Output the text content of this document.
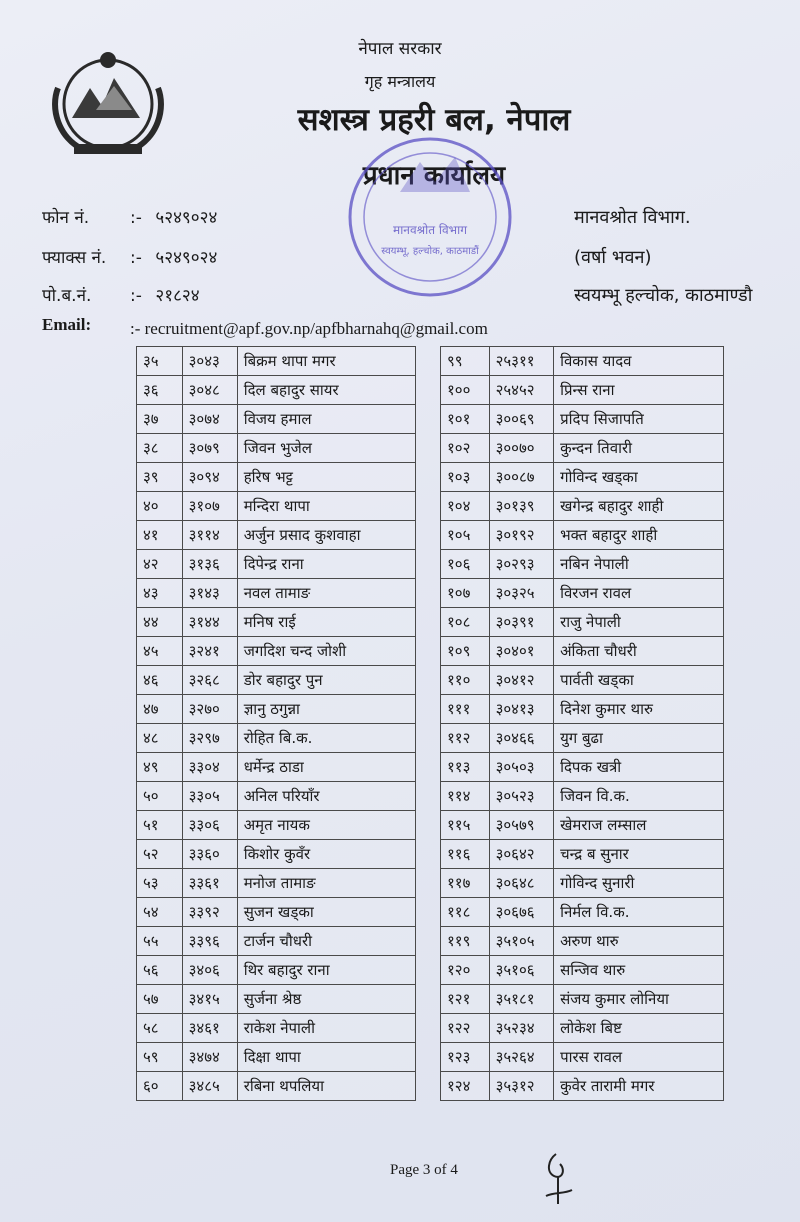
नेपाल सरकार
गृह मन्त्रालय
सशस्त्र प्रहरी बल, नेपाल
प्रधान कार्यालय
मानवश्रोत विभाग
स्वयम्भू, हल्चोक, काठमाडौं
फोन नं. :- ५२४९०२४
फ्याक्स नं. :- ५२४९०२४
पो.ब.नं. :- २१८२४
Email: :- recruitment@apf.gov.np/apfbharnahq@gmail.com
मानवश्रोत विभाग.
(वर्षा भवन)
स्वयम्भू हल्चोक, काठमाण्डौ
३५	३०४३	बिक्रम थापा मगर
३६	३०४८	दिल बहादुर सायर
३७	३०७४	विजय हमाल
३८	३०७९	जिवन भुजेल
३९	३०९४	हरिष भट्ट
४०	३१०७	मन्दिरा थापा
४१	३११४	अर्जुन प्रसाद कुशवाहा
४२	३१३६	दिपेन्द्र राना
४३	३१४३	नवल तामाङ
४४	३१४४	मनिष राई
४५	३२४१	जगदिश चन्द जोशी
४६	३२६८	डोर बहादुर पुन
४७	३२७०	ज्ञानु ठगुन्ना
४८	३२९७	रोहित बि.क.
४९	३३०४	धर्मेन्द्र ठाडा
५०	३३०५	अनिल परियाँर
५१	३३०६	अमृत नायक
५२	३३६०	किशोर कुवँर
५३	३३६१	मनोज तामाङ
५४	३३९२	सुजन खड्का
५५	३३९६	टार्जन चौधरी
५६	३४०६	थिर बहादुर राना
५७	३४१५	सुर्जना श्रेष्ठ
५८	३४६१	राकेश नेपाली
५९	३४७४	दिक्षा थापा
६०	३४८५	रबिना थपलिया
९९	२५३११	विकास यादव
१००	२५४५२	प्रिन्स राना
१०१	३००६९	प्रदिप सिजापति
१०२	३००७०	कुन्दन तिवारी
१०३	३००८७	गोविन्द खड्का
१०४	३०१३९	खगेन्द्र बहादुर शाही
१०५	३०१९२	भक्त बहादुर शाही
१०६	३०२९३	नबिन नेपाली
१०७	३०३२५	विरजन रावल
१०८	३०३९१	राजु नेपाली
१०९	३०४०१	अंकिता चौधरी
११०	३०४१२	पार्वती खड्का
१११	३०४१३	दिनेश कुमार थारु
११२	३०४६६	युग बुढा
११३	३०५०३	दिपक खत्री
११४	३०५२३	जिवन वि.क.
११५	३०५७९	खेमराज लम्साल
११६	३०६४२	चन्द्र ब सुनार
११७	३०६४८	गोविन्द सुनारी
११८	३०६७६	निर्मल वि.क.
११९	३५१०५	अरुण थारु
१२०	३५१०६	सन्जिव थारु
१२१	३५१८१	संजय कुमार लोनिया
१२२	३५२३४	लोकेश बिष्ट
१२३	३५२६४	पारस रावल
१२४	३५३१२	कुवेर तारामी मगर
Page 3 of 4
